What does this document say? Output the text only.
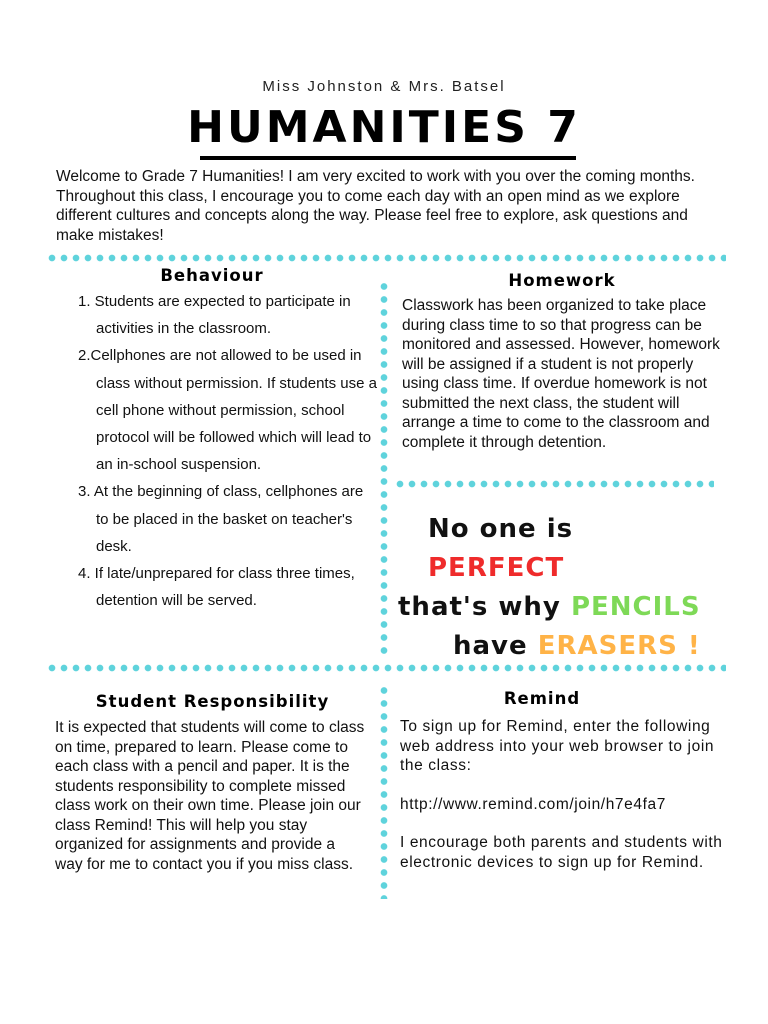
Miss Johnston & Mrs. Batsel
HUMANITIES 7
Welcome to Grade 7 Humanities! I am very excited to work with you over the coming months. Throughout this class, I encourage you to come each day with an open mind as we explore different cultures and concepts along the way. Please feel free to explore, ask questions and make mistakes!
Behaviour
1. Students are expected to participate in activities in the classroom.
2.Cellphones are not allowed to be used in class without permission. If students use a cell phone without permission, school protocol will be followed which will lead to an in-school suspension.
3. At the beginning of class, cellphones are to be placed in the basket on teacher's desk.
4. If late/unprepared for class three times, detention will be served.
Homework
Classwork has been organized to take place during class time to so that progress can be monitored and assessed. However, homework will be assigned if a student is not properly using class time. If overdue homework is not submitted the next class, the student will arrange a time to come to the classroom and complete it through detention.
No one is PERFECT
that's why PENCILS
have ERASERS !
Student Responsibility
It is expected that students will come to class on time, prepared to learn. Please come to each class with a pencil and paper. It is the students responsibility to complete missed class work on their own time. Please join our class Remind! This will help you stay organized for assignments and provide a way for me to contact you if you miss class.
Remind
To sign up for Remind, enter the following web address into your web browser to join the class:
http://www.remind.com/join/h7e4fa7
I encourage both parents and students with electronic devices to sign up for Remind.
